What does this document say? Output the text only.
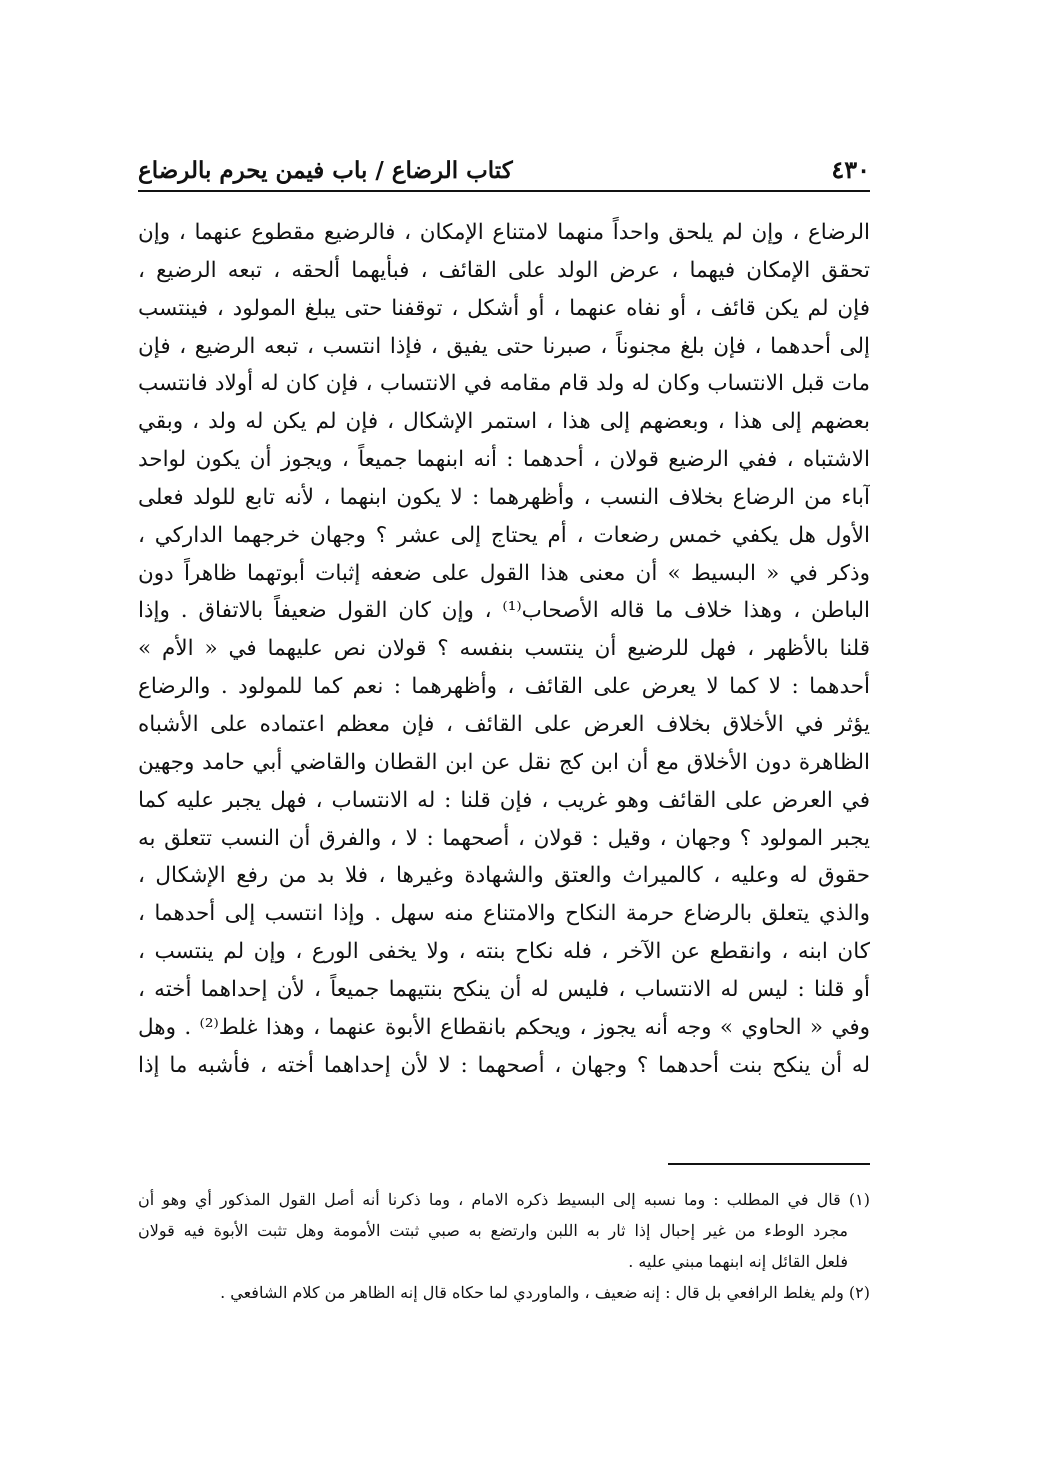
٤٣٠
كتاب الرضاع / باب فيمن يحرم بالرضاع
الرضاع ، وإن لم يلحق واحداً منهما لامتناع الإمكان ، فالرضيع مقطوع عنهما ، وإن
تحقق الإمكان فيهما ، عرض الولد على القائف ، فبأيهما ألحقه ، تبعه الرضيع ،
فإن لم يكن قائف ، أو نفاه عنهما ، أو أشكل ، توقفنا حتى يبلغ المولود ، فينتسب
إلى أحدهما ، فإن بلغ مجنوناً ، صبرنا حتى يفيق ، فإذا انتسب ، تبعه الرضيع ، فإن
مات قبل الانتساب وكان له ولد قام مقامه في الانتساب ، فإن كان له أولاد فانتسب
بعضهم إلى هذا ، وبعضهم إلى هذا ، استمر الإشكال ، فإن لم يكن له ولد ، وبقي
الاشتباه ، ففي الرضيع قولان ، أحدهما : أنه ابنهما جميعاً ، ويجوز أن يكون لواحد
آباء من الرضاع بخلاف النسب ، وأظهرهما : لا يكون ابنهما ، لأنه تابع للولد فعلى
الأول هل يكفي خمس رضعات ، أم يحتاج إلى عشر ؟ وجهان خرجهما الداركي ،
وذكر في « البسيط » أن معنى هذا القول على ضعفه إثبات أبوتهما ظاهراً دون
الباطن ، وهذا خلاف ما قاله الأصحاب⁽¹⁾ ، وإن كان القول ضعيفاً بالاتفاق . وإذا
قلنا بالأظهر ، فهل للرضيع أن ينتسب بنفسه ؟ قولان نص عليهما في « الأم »
أحدهما : لا كما لا يعرض على القائف ، وأظهرهما : نعم كما للمولود . والرضاع
يؤثر في الأخلاق بخلاف العرض على القائف ، فإن معظم اعتماده على الأشباه
الظاهرة دون الأخلاق مع أن ابن كج نقل عن ابن القطان والقاضي أبي حامد وجهين
في العرض على القائف وهو غريب ، فإن قلنا : له الانتساب ، فهل يجبر عليه كما
يجبر المولود ؟ وجهان ، وقيل : قولان ، أصحهما : لا ، والفرق أن النسب تتعلق به
حقوق له وعليه ، كالميراث والعتق والشهادة وغيرها ، فلا بد من رفع الإشكال ،
والذي يتعلق بالرضاع حرمة النكاح والامتناع منه سهل . وإذا انتسب إلى أحدهما ،
كان ابنه ، وانقطع عن الآخر ، فله نكاح بنته ، ولا يخفى الورع ، وإن لم ينتسب ،
أو قلنا : ليس له الانتساب ، فليس له أن ينكح بنتيهما جميعاً ، لأن إحداهما أخته ،
وفي « الحاوي » وجه أنه يجوز ، ويحكم بانقطاع الأبوة عنهما ، وهذا غلط⁽²⁾ . وهل
له أن ينكح بنت أحدهما ؟ وجهان ، أصحهما : لا لأن إحداهما أخته ، فأشبه ما إذا
(١) قال في المطلب : وما نسبه إلى البسيط ذكره الامام ، وما ذكرنا أنه أصل القول المذكور أي وهو أن
مجرد الوطء من غير إحبال إذا ثار به اللبن وارتضع به صبي ثبتت الأمومة وهل تثبت الأبوة فيه قولان
فلعل القائل إنه ابنهما مبني عليه .
(٢) ولم يغلط الرافعي بل قال : إنه ضعيف ، والماوردي لما حكاه قال إنه الظاهر من كلام الشافعي .
